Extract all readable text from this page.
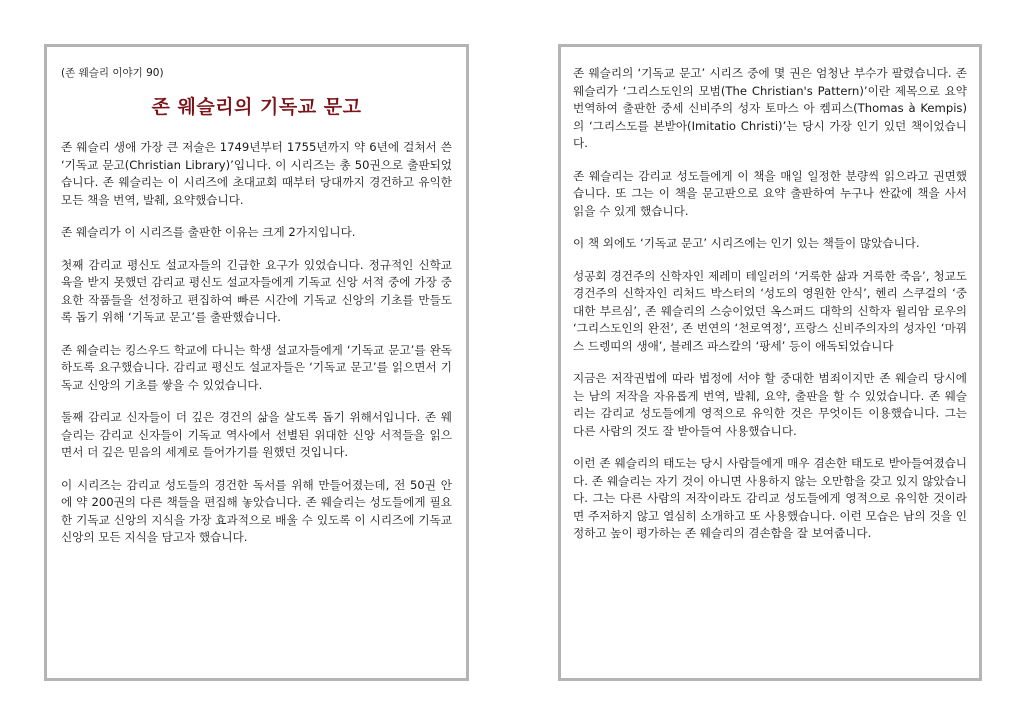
(존 웨슬리 이야기 90)
존 웨슬리의 기독교 문고

존 웨슬리 생애 가장 큰 저술은 1749년부터 1755년까지 약 6년에 걸쳐서 쓴 ‘기독교 문고(Christian Library)’입니다. 이 시리즈는 총 50권으로 출판되었습니다. 존 웨슬리는 이 시리즈에 초대교회 때부터 당대까지 경건하고 유익한 모든 책을 번역, 발췌, 요약했습니다.

존 웨슬리가 이 시리즈를 출판한 이유는 크게 2가지입니다.

첫째 감리교 평신도 설교자들의 긴급한 요구가 있었습니다. 정규적인 신학교육을 받지 못했던 감리교 평신도 설교자들에게 기독교 신앙 서적 중에 가장 중요한 작품들을 선정하고 편집하여 빠른 시간에 기독교 신앙의 기초를 만들도록 돕기 위해 ‘기독교 문고’를 출판했습니다.

존 웨슬리는 킹스우드 학교에 다니는 학생 설교자들에게 ‘기독교 문고’를 완독하도록 요구했습니다. 감리교 평신도 설교자들은 ‘기독교 문고’를 읽으면서 기독교 신앙의 기초를 쌓을 수 있었습니다.

둘째 감리교 신자들이 더 깊은 경건의 삶을 살도록 돕기 위해서입니다. 존 웨슬리는 감리교 신자들이 기독교 역사에서 선별된 위대한 신앙 서적들을 읽으면서 더 깊은 믿음의 세계로 들어가기를 원했던 것입니다.

이 시리즈는 감리교 성도들의 경건한 독서를 위해 만들어졌는데, 전 50권 안에 약 200권의 다른 책들을 편집해 놓았습니다. 존 웨슬리는 성도들에게 필요한 기독교 신앙의 지식을 가장 효과적으로 배울 수 있도록 이 시리즈에 기독교 신앙의 모든 지식을 담고자 했습니다.

존 웨슬리의 ‘기독교 문고’ 시리즈 중에 몇 권은 엄청난 부수가 팔렸습니다. 존 웨슬리가 ‘그리스도인의 모범(The Christian's Pattern)’이란 제목으로 요약 번역하여 출판한 중세 신비주의 성자 토마스 아 켐피스(Thomas à Kempis)의 ‘그리스도를 본받아(Imitatio Christi)’는 당시 가장 인기 있던 책이었습니다.

존 웨슬리는 감리교 성도들에게 이 책을 매일 일정한 분량씩 읽으라고 권면했습니다. 또 그는 이 책을 문고판으로 요약 출판하여 누구나 싼값에 책을 사서 읽을 수 있게 했습니다.

이 책 외에도 ‘기독교 문고’ 시리즈에는 인기 있는 책들이 많았습니다.

성공회 경건주의 신학자인 제레미 테일러의 ‘거룩한 삶과 거룩한 죽음’, 청교도 경건주의 신학자인 리처드 박스터의 ‘성도의 영원한 안식’, 헨리 스쿠걸의 ‘중대한 부르심’, 존 웨슬리의 스승이었던 옥스퍼드 대학의 신학자 윌리암 로우의 ‘그리스도인의 완전’, 존 번연의 ‘천로역정’, 프랑스 신비주의자의 성자인 ‘마꿔스 드렝띠의 생애’, 블레즈 파스칼의 ‘팡세’ 등이 애독되었습니다

지금은 저작권법에 따라 법정에 서야 할 중대한 범죄이지만 존 웨슬리 당시에는 남의 저작을 자유롭게 번역, 발췌, 요약, 출판을 할 수 있었습니다. 존 웨슬리는 감리교 성도들에게 영적으로 유익한 것은 무엇이든 이용했습니다. 그는 다른 사람의 것도 잘 받아들여 사용했습니다.

이런 존 웨슬리의 태도는 당시 사람들에게 매우 겸손한 태도로 받아들여졌습니다. 존 웨슬리는 자기 것이 아니면 사용하지 않는 오만함을 갖고 있지 않았습니다. 그는 다른 사람의 저작이라도 감리교 성도들에게 영적으로 유익한 것이라면 주저하지 않고 열심히 소개하고 또 사용했습니다. 이런 모습은 남의 것을 인정하고 높이 평가하는 존 웨슬리의 겸손함을 잘 보여줍니다.
